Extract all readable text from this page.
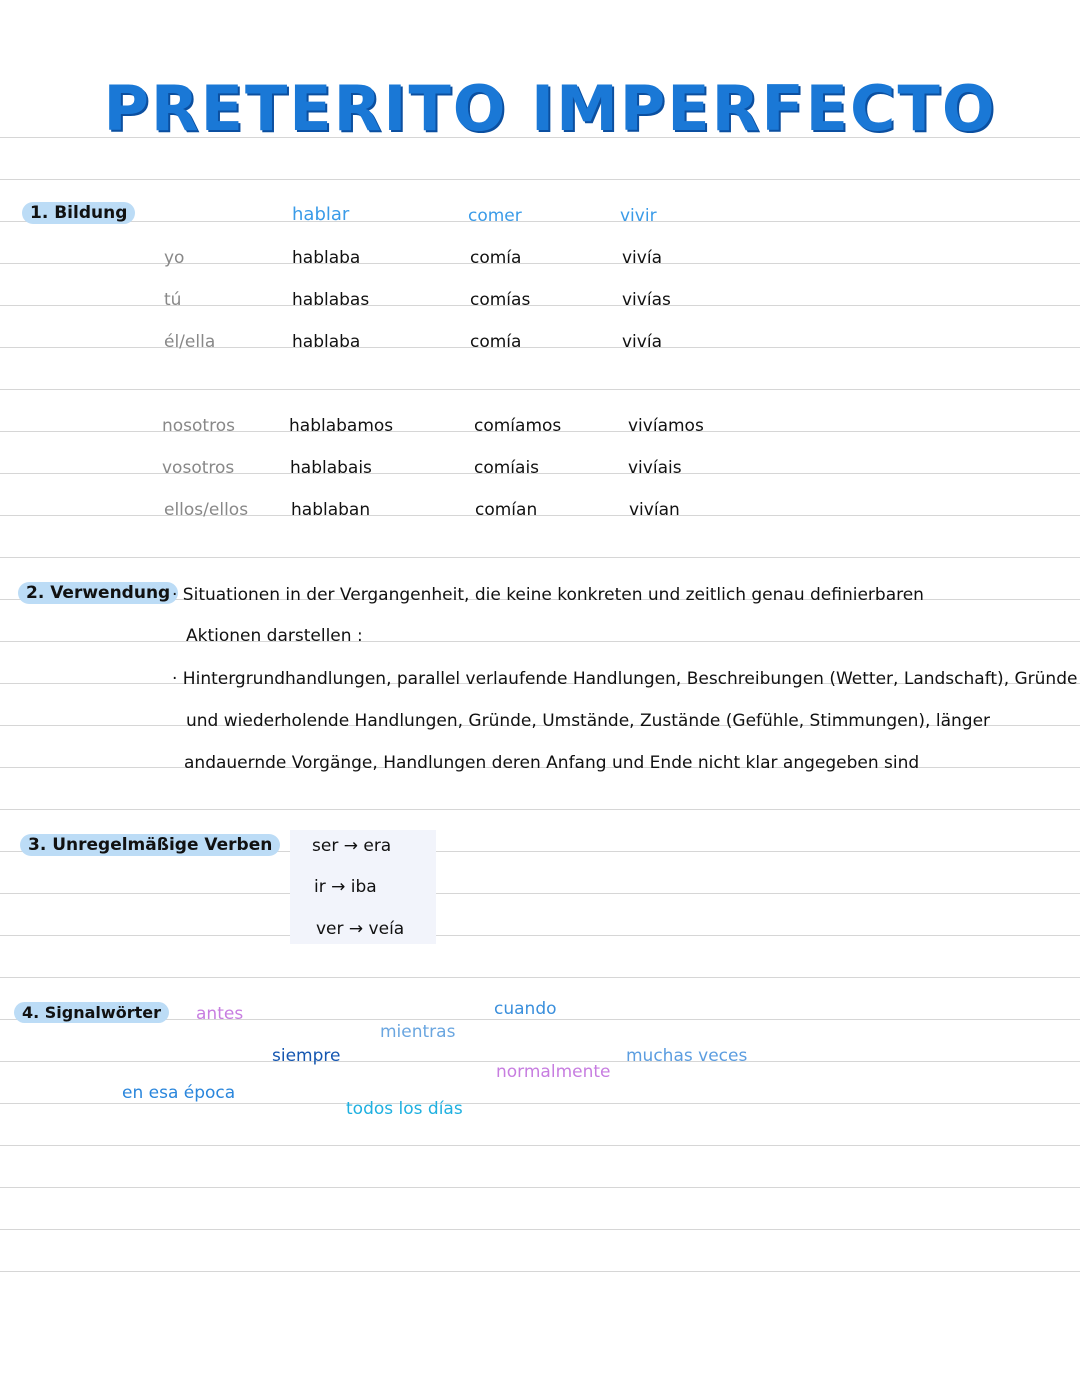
PRETERITO IMPERFECTO
1. Bildung	hablar	comer	vivir
yo	hablaba	comía	vivía
tú	hablabas	comías	vivías
él/ella	hablaba	comía	vivía
nosotros	hablabamos	comíamos	vivíamos
vosotros	hablabais	comíais	vivíais
ellos/ellos	hablaban	comían	vivían
2. Verwendung · Situationen in der Vergangenheit, die keine konkreten und zeitlich genau definierbaren
Aktionen darstellen :
· Hintergrundhandlungen, parallel verlaufende Handlungen, Beschreibungen (Wetter, Landschaft), Gründe
und wiederholende Handlungen, Gründe, Umstände, Zustände (Gefühle, Stimmungen), länger
andauernde Vorgänge, Handlungen deren Anfang und Ende nicht klar angegeben sind
3. Unregelmäßige Verben	ser → era
ir → iba
ver → veía
4. Signalwörter	antes	cuando
mientras
siempre	muchas veces
normalmente
en esa época
todos los días
